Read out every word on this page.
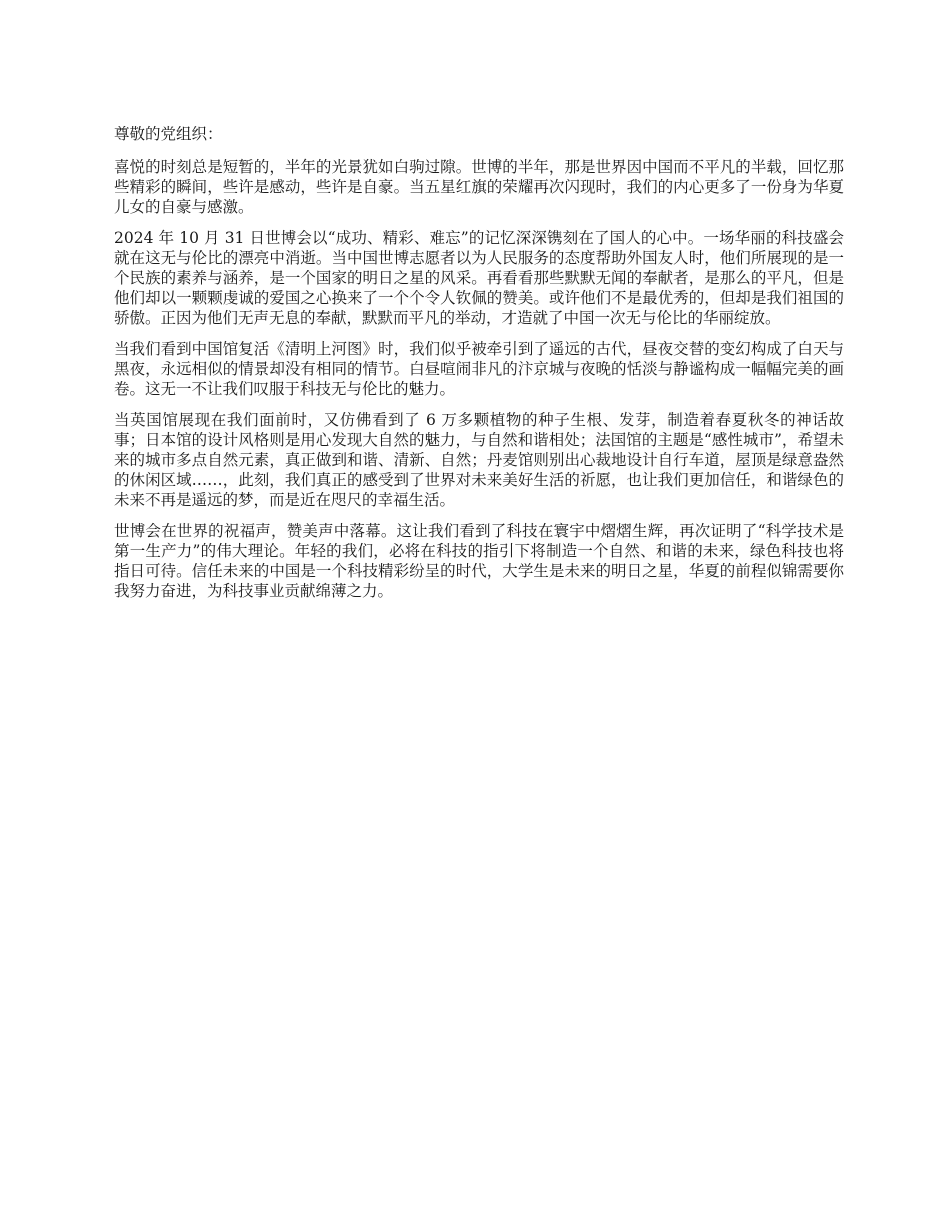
尊敬的党组织：

喜悦的时刻总是短暂的，半年的光景犹如白驹过隙。世博的半年，那是世界因中国而不平凡的半载，回忆那些精彩的瞬间，些许是感动，些许是自豪。当五星红旗的荣耀再次闪现时，我们的内心更多了一份身为华夏儿女的自豪与感激。

2024 年 10 月 31 日世博会以“成功、精彩、难忘”的记忆深深镌刻在了国人的心中。一场华丽的科技盛会就在这无与伦比的漂亮中消逝。当中国世博志愿者以为人民服务的态度帮助外国友人时，他们所展现的是一个民族的素养与涵养，是一个国家的明日之星的风采。再看看那些默默无闻的奉献者，是那么的平凡，但是他们却以一颗颗虔诚的爱国之心换来了一个个令人钦佩的赞美。或许他们不是最优秀的，但却是我们祖国的骄傲。正因为他们无声无息的奉献，默默而平凡的举动，才造就了中国一次无与伦比的华丽绽放。

当我们看到中国馆复活《清明上河图》时，我们似乎被牵引到了遥远的古代，昼夜交替的变幻构成了白天与黑夜，永远相似的情景却没有相同的情节。白昼喧闹非凡的汴京城与夜晚的恬淡与静谧构成一幅幅完美的画卷。这无一不让我们叹服于科技无与伦比的魅力。

当英国馆展现在我们面前时，又仿佛看到了 6 万多颗植物的种子生根、发芽，制造着春夏秋冬的神话故事；日本馆的设计风格则是用心发现大自然的魅力，与自然和谐相处；法国馆的主题是“感性城市”，希望未来的城市多点自然元素，真正做到和谐、清新、自然；丹麦馆则别出心裁地设计自行车道，屋顶是绿意盎然的休闲区域……，此刻，我们真正的感受到了世界对未来美好生活的祈愿，也让我们更加信任，和谐绿色的未来不再是遥远的梦，而是近在咫尺的幸福生活。

世博会在世界的祝福声，赞美声中落幕。这让我们看到了科技在寰宇中熠熠生辉，再次证明了“科学技术是第一生产力”的伟大理论。年轻的我们，必将在科技的指引下将制造一个自然、和谐的未来，绿色科技也将指日可待。信任未来的中国是一个科技精彩纷呈的时代，大学生是未来的明日之星，华夏的前程似锦需要你我努力奋进，为科技事业贡献绵薄之力。
